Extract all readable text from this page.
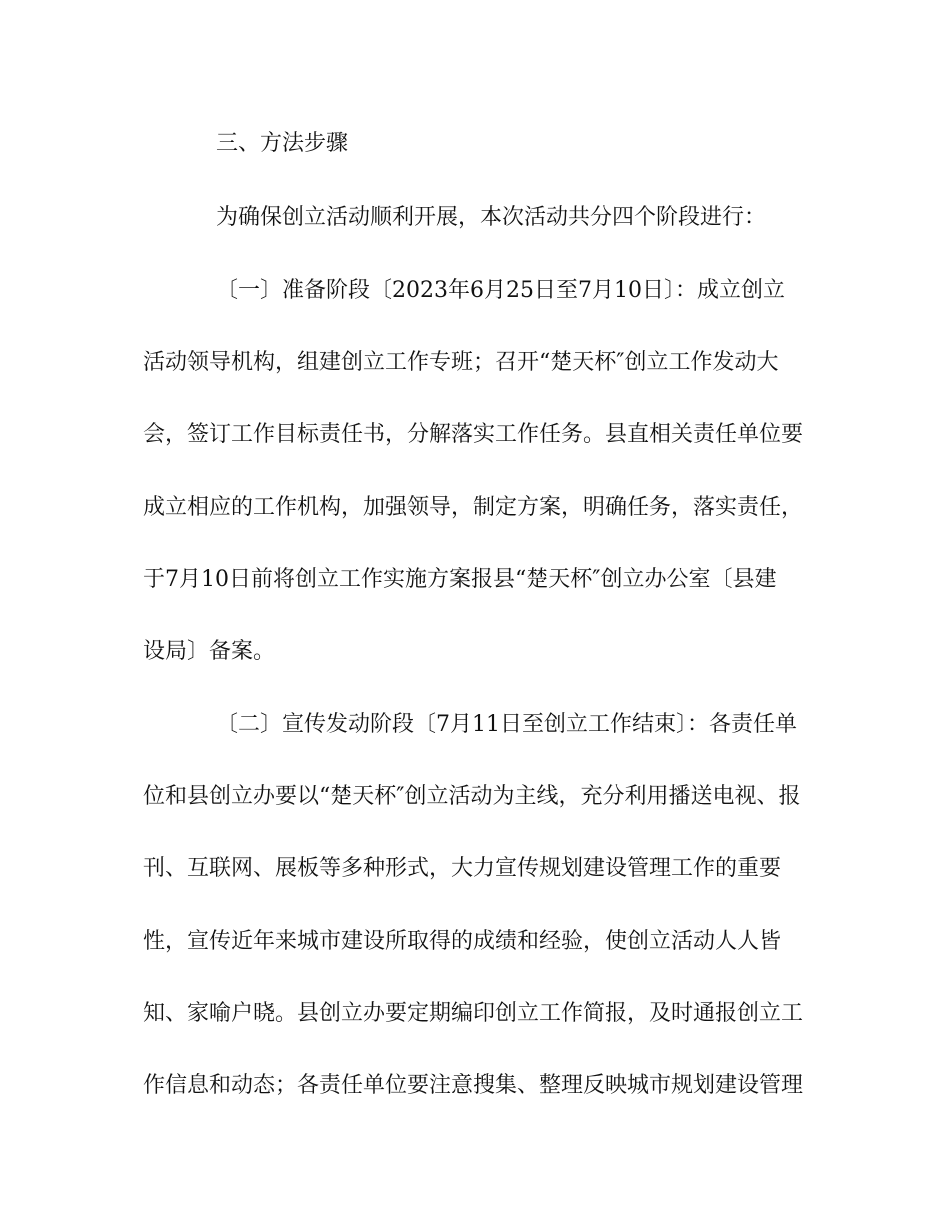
三、方法步骤
为确保创立活动顺利开展，本次活动共分四个阶段进行：
〔一〕准备阶段〔2023年6月25日至7月10日〕：成立创立
活动领导机构，组建创立工作专班；召开“楚天杯″创立工作发动大
会，签订工作目标责任书，分解落实工作任务。县直相关责任单位要
成立相应的工作机构，加强领导，制定方案，明确任务，落实责任，
于7月10日前将创立工作实施方案报县“楚天杯″创立办公室〔县建
设局〕备案。
〔二〕宣传发动阶段〔7月11日至创立工作结束〕：各责任单
位和县创立办要以“楚天杯″创立活动为主线，充分利用播送电视、报
刊、互联网、展板等多种形式，大力宣传规划建设管理工作的重要
性，宣传近年来城市建设所取得的成绩和经验，使创立活动人人皆
知、家喻户晓。县创立办要定期编印创立工作简报，及时通报创立工
作信息和动态；各责任单位要注意搜集、整理反映城市规划建设管理
